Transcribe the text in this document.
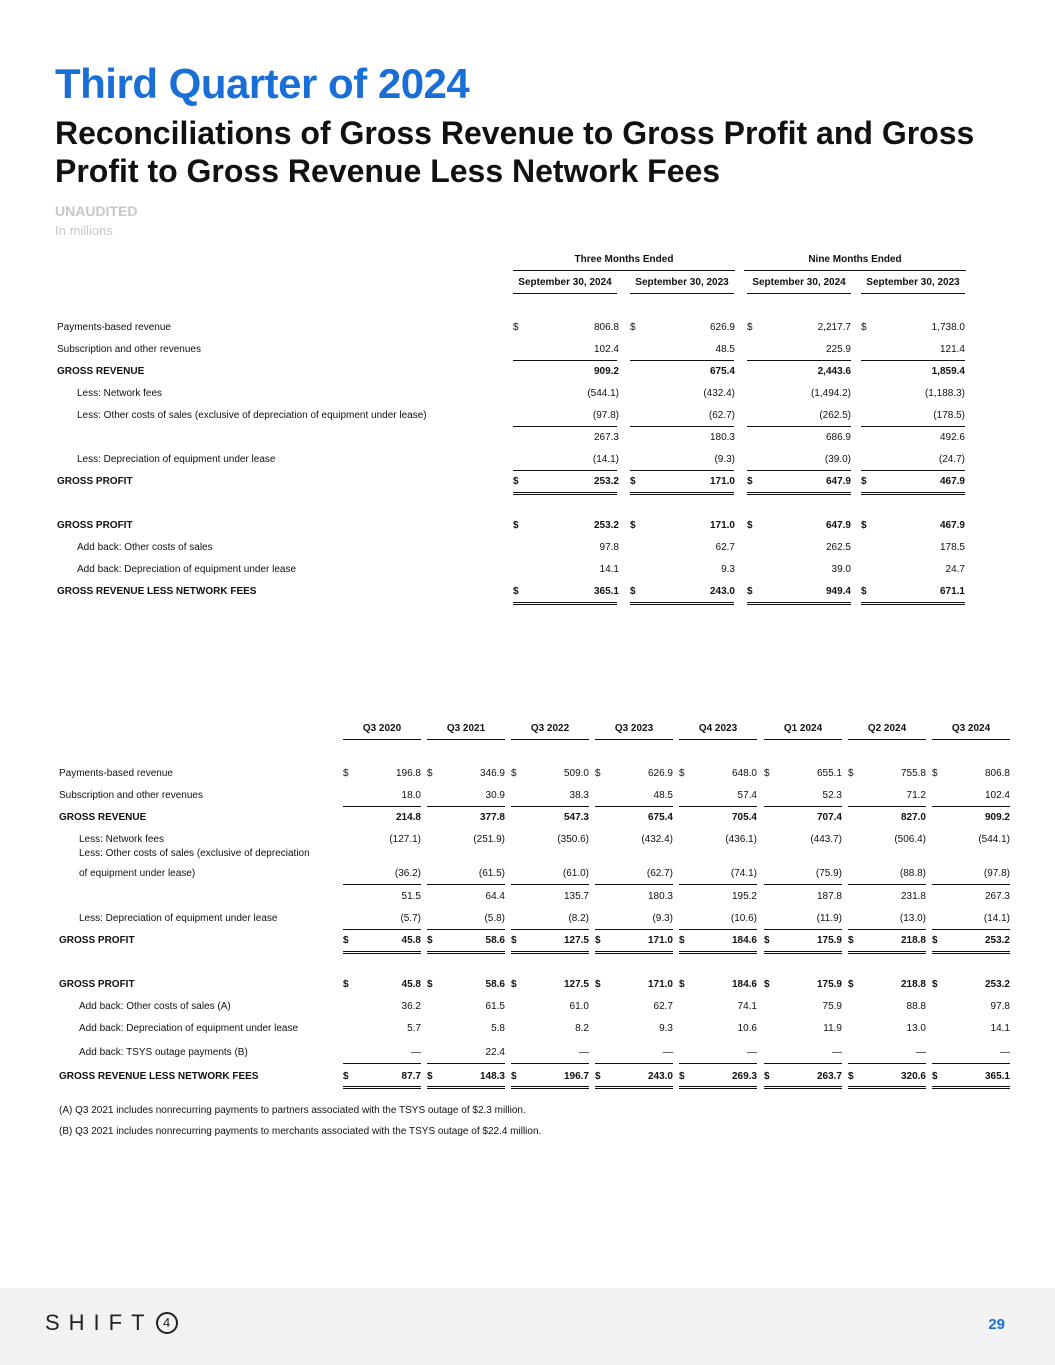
Third Quarter of 2024
Reconciliations of Gross Revenue to Gross Profit and Gross Profit to Gross Revenue Less Network Fees
UNAUDITED
In millions
Three Months Ended	Nine Months Ended
September 30, 2024	September 30, 2023	September 30, 2024	September 30, 2023
Payments-based revenue	$	806.8 $	626.9 $	2,217.7 $	1,738.0
Subscription and other revenues	102.4	48.5	225.9	121.4
GROSS REVENUE	909.2	675.4	2,443.6	1,859.4
Less: Network fees	(544.1)	(432.4)	(1,494.2)	(1,188.3)
Less: Other costs of sales (exclusive of depreciation of equipment under lease)	(97.8)	(62.7)	(262.5)	(178.5)
267.3	180.3	686.9	492.6
Less: Depreciation of equipment under lease	(14.1)	(9.3)	(39.0)	(24.7)
GROSS PROFIT	$	253.2 $	171.0 $	647.9 $	467.9
GROSS PROFIT	$	253.2 $	171.0 $	647.9 $	467.9
Add back: Other costs of sales	97.8	62.7	262.5	178.5
Add back: Depreciation of equipment under lease	14.1	9.3	39.0	24.7
GROSS REVENUE LESS NETWORK FEES	$	365.1 $	243.0 $	949.4 $	671.1
Q3 2020	Q3 2021	Q3 2022	Q3 2023	Q4 2023	Q1 2024	Q2 2024	Q3 2024
Payments-based revenue	$	196.8 $	346.9 $	509.0 $	626.9 $	648.0 $	655.1 $	755.8 $	806.8
Subscription and other revenues	18.0	30.9	38.3	48.5	57.4	52.3	71.2	102.4
GROSS REVENUE	214.8	377.8	547.3	675.4	705.4	707.4	827.0	909.2
Less: Network fees	(127.1)	(251.9)	(350.6)	(432.4)	(436.1)	(443.7)	(506.4)	(544.1)
Less: Other costs of sales (exclusive of depreciation
of equipment under lease)	(36.2)	(61.5)	(61.0)	(62.7)	(74.1)	(75.9)	(88.8)	(97.8)
51.5	64.4	135.7	180.3	195.2	187.8	231.8	267.3
Less: Depreciation of equipment under lease	(5.7)	(5.8)	(8.2)	(9.3)	(10.6)	(11.9)	(13.0)	(14.1)
GROSS PROFIT	$	45.8 $	58.6 $	127.5 $	171.0 $	184.6 $	175.9 $	218.8 $	253.2
GROSS PROFIT	$	45.8 $	58.6 $	127.5 $	171.0 $	184.6 $	175.9 $	218.8 $	253.2
Add back: Other costs of sales (A)	36.2	61.5	61.0	62.7	74.1	75.9	88.8	97.8
Add back: Depreciation of equipment under lease	5.7	5.8	8.2	9.3	10.6	11.9	13.0	14.1
Add back: TSYS outage payments (B)	—	22.4	—	—	—	—	—	—
GROSS REVENUE LESS NETWORK FEES	$	87.7 $	148.3 $	196.7 $	243.0 $	269.3 $	263.7 $	320.6 $	365.1
(A) Q3 2021 includes nonrecurring payments to partners associated with the TSYS outage of $2.3 million.
(B) Q3 2021 includes nonrecurring payments to merchants associated with the TSYS outage of $22.4 million.
SHIFT 4	29
